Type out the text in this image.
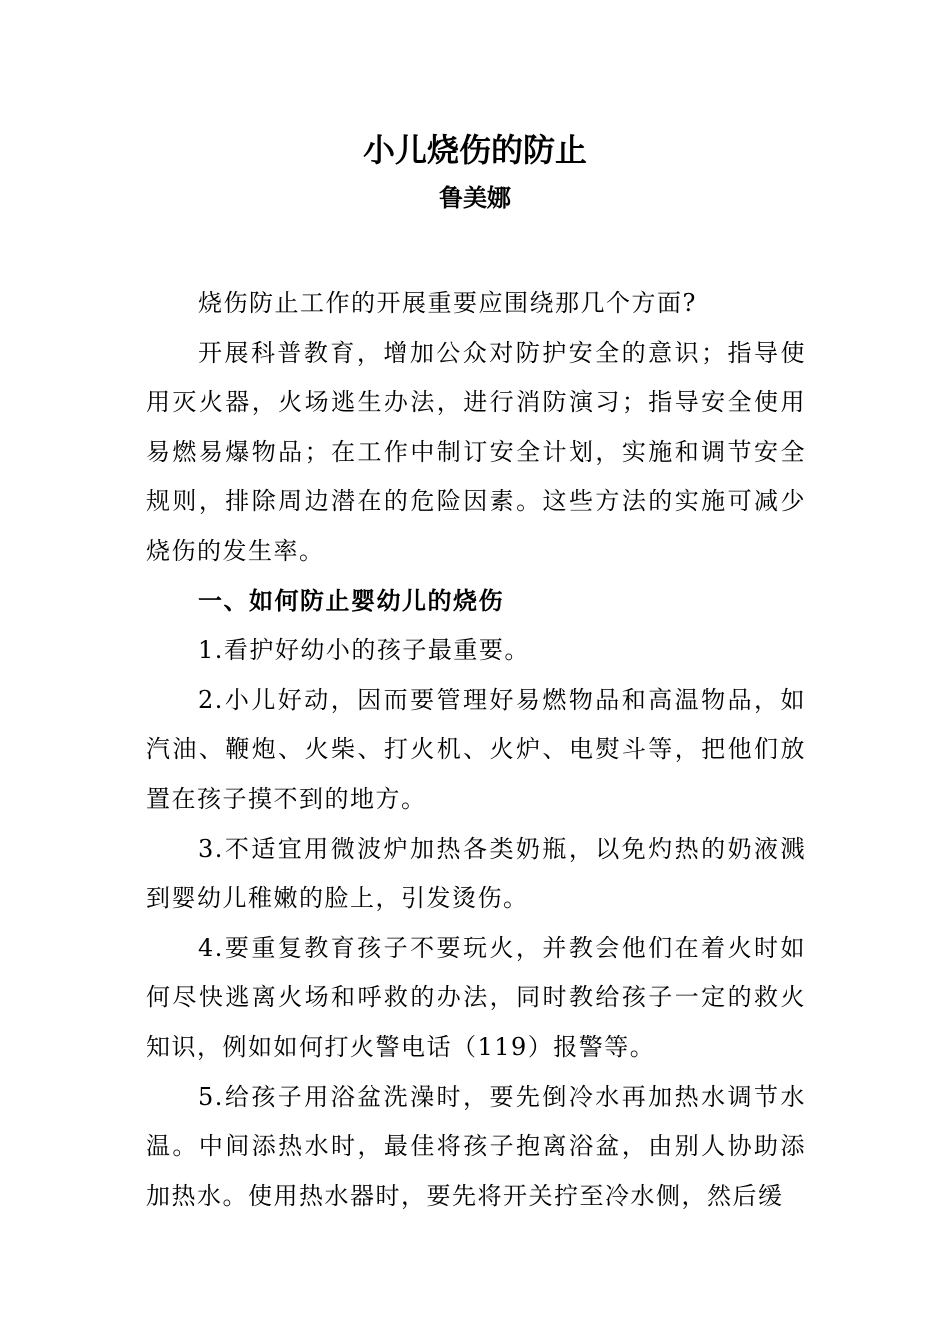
小儿烧伤的防止
鲁美娜

烧伤防止工作的开展重要应围绕那几个方面?

开展科普教育，增加公众对防护安全的意识；指导使用灭火器，火场逃生办法，进行消防演习；指导安全使用易燃易爆物品；在工作中制订安全计划，实施和调节安全规则，排除周边潜在的危险因素。这些方法的实施可减少烧伤的发生率。

一、如何防止婴幼儿的烧伤

1.看护好幼小的孩子最重要。

2.小儿好动，因而要管理好易燃物品和高温物品，如汽油、鞭炮、火柴、打火机、火炉、电熨斗等，把他们放置在孩子摸不到的地方。

3.不适宜用微波炉加热各类奶瓶，以免灼热的奶液溅到婴幼儿稚嫩的脸上，引发烫伤。

4.要重复教育孩子不要玩火，并教会他们在着火时如何尽快逃离火场和呼救的办法，同时教给孩子一定的救火知识，例如如何打火警电话（119）报警等。

5.给孩子用浴盆洗澡时，要先倒冷水再加热水调节水温。中间添热水时，最佳将孩子抱离浴盆，由别人协助添加热水。使用热水器时，要先将开关拧至冷水侧，然后缓
